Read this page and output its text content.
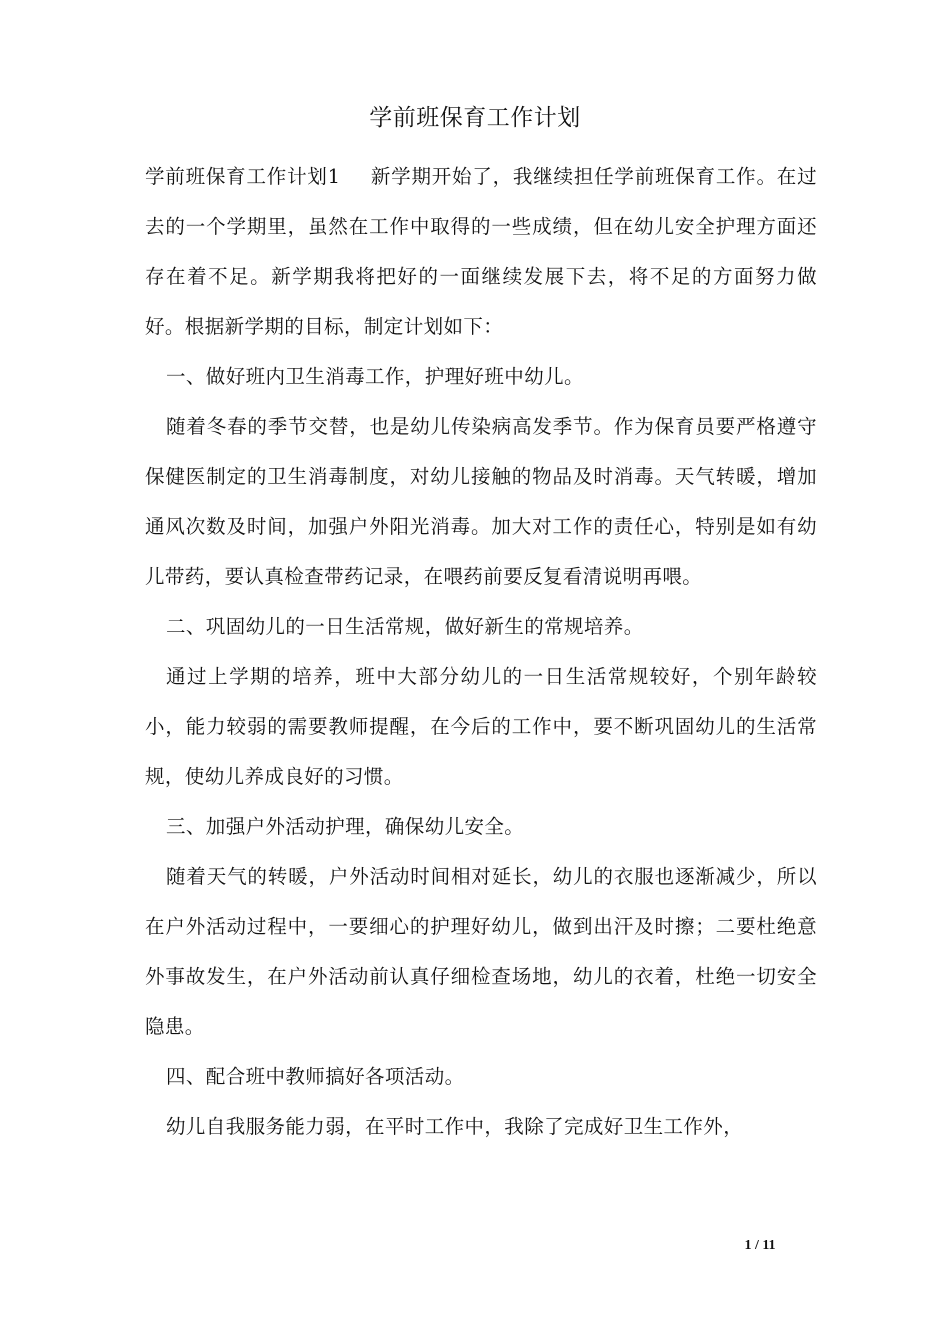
学前班保育工作计划

学前班保育工作计划1 新学期开始了，我继续担任学前班保育工作。在过去的一个学期里，虽然在工作中取得的一些成绩，但在幼儿安全护理方面还存在着不足。新学期我将把好的一面继续发展下去，将不足的方面努力做好。根据新学期的目标，制定计划如下：

一、做好班内卫生消毒工作，护理好班中幼儿。

随着冬春的季节交替，也是幼儿传染病高发季节。作为保育员要严格遵守保健医制定的卫生消毒制度，对幼儿接触的物品及时消毒。天气转暖，增加通风次数及时间，加强户外阳光消毒。加大对工作的责任心，特别是如有幼儿带药，要认真检查带药记录，在喂药前要反复看清说明再喂。

二、巩固幼儿的一日生活常规，做好新生的常规培养。

通过上学期的培养，班中大部分幼儿的一日生活常规较好，个别年龄较小，能力较弱的需要教师提醒，在今后的工作中，要不断巩固幼儿的生活常规，使幼儿养成良好的习惯。

三、加强户外活动护理，确保幼儿安全。

随着天气的转暖，户外活动时间相对延长，幼儿的衣服也逐渐减少，所以在户外活动过程中，一要细心的护理好幼儿，做到出汗及时擦；二要杜绝意外事故发生，在户外活动前认真仔细检查场地，幼儿的衣着，杜绝一切安全隐患。

四、配合班中教师搞好各项活动。

幼儿自我服务能力弱，在平时工作中，我除了完成好卫生工作外，

1 / 11
